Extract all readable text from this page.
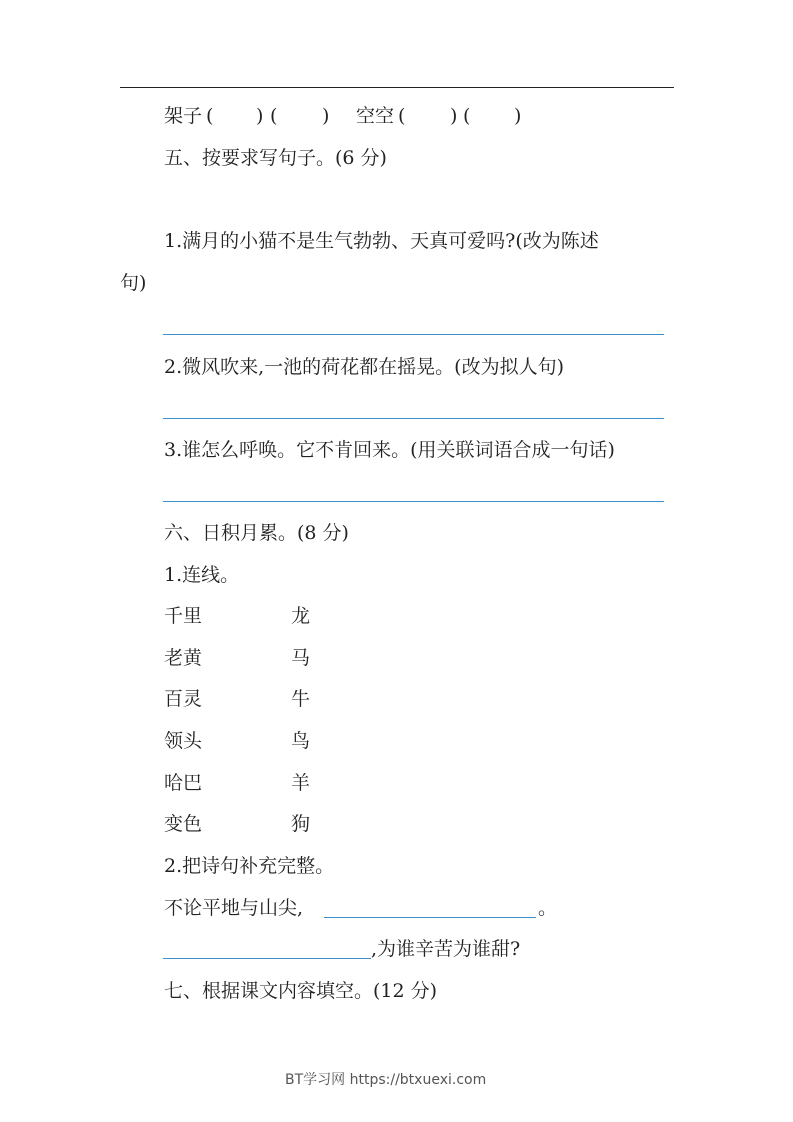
架子 ( ) ( ) 空空 ( ) ( )
五、按要求写句子。(6 分)
1.满月的小猫不是生气勃勃、天真可爱吗?(改为陈述
句)
2.微风吹来,一池的荷花都在摇晃。(改为拟人句)
3.谁怎么呼唤。它不肯回来。(用关联词语合成一句话)
六、日积月累。(8 分)
1.连线。
千里	龙
老黄	马
百灵	牛
领头	鸟
哈巴	羊
变色	狗
2.把诗句补充完整。
不论平地与山尖,	。
,为谁辛苦为谁甜?
七、根据课文内容填空。(12 分)
BT学习网 https://btxuexi.com
